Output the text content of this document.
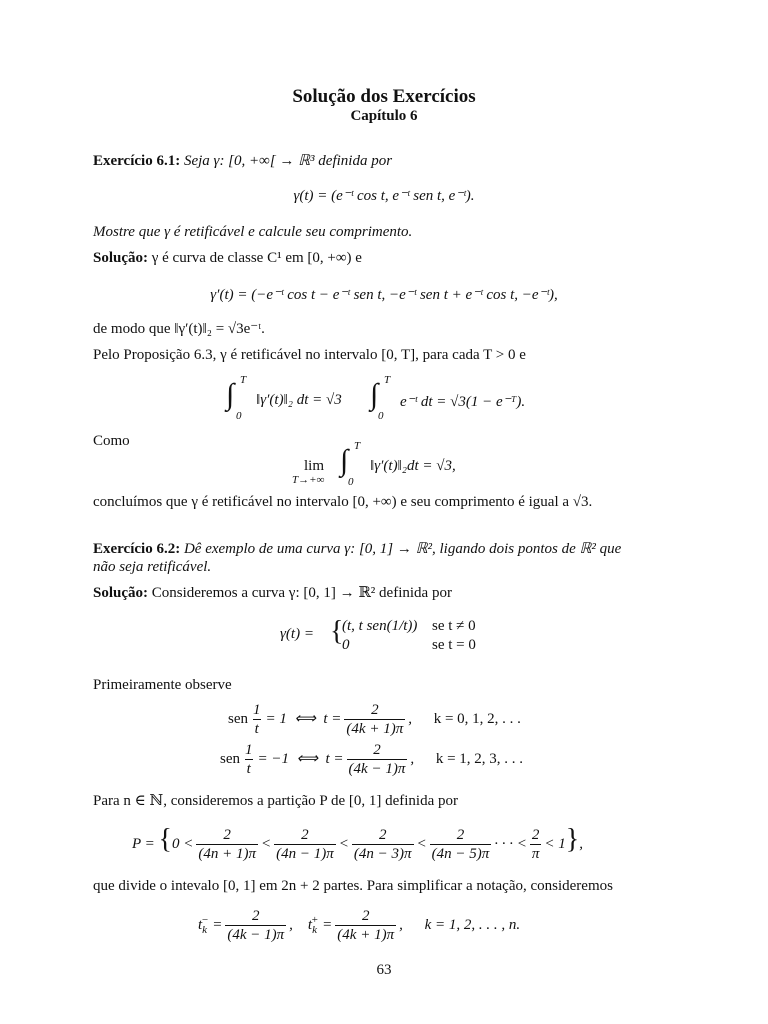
Solução dos Exercícios
Capítulo 6
Exercício 6.1: Seja γ: [0, +∞[ → ℝ³ definida por
γ(t) = (e⁻ᵗ cos t, e⁻ᵗ sen t, e⁻ᵗ).
Mostre que γ é retificável e calcule seu comprimento.
Solução: γ é curva de classe C¹ em [0, +∞) e
γ′(t) = (−e⁻ᵗ cos t − e⁻ᵗ sen t, −e⁻ᵗ sen t + e⁻ᵗ cos t, −e⁻ᵗ),
de modo que ‖γ′(t)‖₂ = √3e⁻ᵗ.
Pelo Proposição 6.3, γ é retificável no intervalo [0, T], para cada T > 0 e
∫ T
0
‖γ′(t)‖₂ dt = √3 ∫ T
0
e⁻ᵗ dt = √3(1 − e⁻ᵀ).
Como
lim
T→+∞
∫ T
0
‖γ′(t)‖₂dt = √3,
concluímos que γ é retificável no intervalo [0, +∞) e seu comprimento é igual a √3.
Exercício 6.2: Dê exemplo de uma curva γ: [0, 1] → ℝ², ligando dois pontos de ℝ² que
não seja retificável.
Solução: Consideremos a curva γ: [0, 1] → ℝ² definida por
γ(t) = {
(t, t sen(1/t)) se t ≠ 0
0	se t = 0
Primeiramente observe
sen $\frac{1}{t} = 1$  ⟺  $t = \frac{2}{(4k + 1)\pi}$ , k = 0, 1, 2, . . .
sen $\frac{1}{t} = -1$  ⟺  $t = \frac{2}{(4k - 1)\pi}$ , k = 1, 2, 3, . . .
Para n ∈ ℕ, consideremos a partição P de [0, 1] definida por
$P = \{0 < \frac{2}{(4n + 1)\pi} < \frac{2}{(4n - 1)\pi} < \frac{2}{(4n - 3)\pi} < \frac{2}{(4n - 5)\pi}$ · · · < $\frac{2}{\pi} < 1$},
que divide o intevalo [0, 1] em 2n + 2 partes. Para simplificar a notação, consideremos
$t_k^- = \frac{2}{(4k - 1)\pi}$ ,    $t_k^+ = \frac{2}{(4k + 1)\pi}$ , k = 1, 2, . . . , n.
63
